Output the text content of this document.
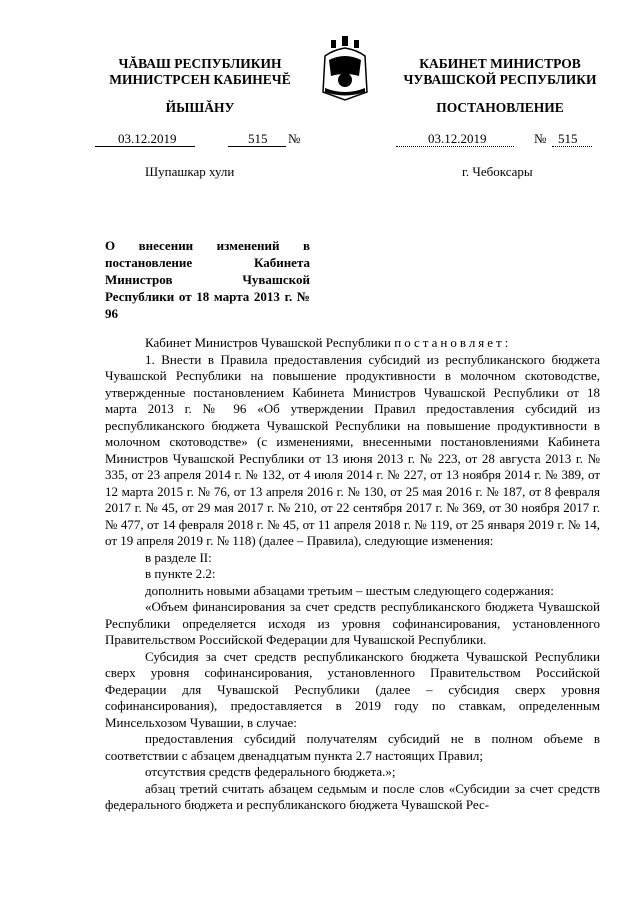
ЧĂВАШ РЕСПУБЛИКИН
МИНИСТРСЕН КАБИНЕЧĔ
КАБИНЕТ МИНИСТРОВ
ЧУВАШСКОЙ РЕСПУБЛИКИ
ЙЫШĂНУ	ПОСТАНОВЛЕНИЕ
03.12.2019	515 №	03.12.2019	№ 515
Шупашкар хули	г. Чебоксары
О внесении изменений в постановление Кабинета Министров Чувашской Республики от 18 марта 2013 г. № 96

Кабинет Министров Чувашской Республики постановляет:

1. Внести в Правила предоставления субсидий из республиканского бюджета Чувашской Республики на повышение продуктивности в молочном скотоводстве, утвержденные постановлением Кабинета Министров Чувашской Республики от 18 марта 2013 г. № 96 «Об утверждении Правил предоставления субсидий из республиканского бюджета Чувашской Республики на повышение продуктивности в молочном скотоводстве» (с изменениями, внесенными постановлениями Кабинета Министров Чувашской Республики от 13 июня 2013 г. № 223, от 28 августа 2013 г. № 335, от 23 апреля 2014 г. № 132, от 4 июля 2014 г. № 227, от 13 ноября 2014 г. № 389, от 12 марта 2015 г. № 76, от 13 апреля 2016 г. № 130, от 25 мая 2016 г. № 187, от 8 февраля 2017 г. № 45, от 29 мая 2017 г. № 210, от 22 сентября 2017 г. № 369, от 30 ноября 2017 г. № 477, от 14 февраля 2018 г. № 45, от 11 апреля 2018 г. № 119, от 25 января 2019 г. № 14, от 19 апреля 2019 г. № 118) (далее – Правила), следующие изменения:

в разделе II:

в пункте 2.2:

дополнить новыми абзацами третьим – шестым следующего содержания:

«Объем финансирования за счет средств республиканского бюджета Чувашской Республики определяется исходя из уровня софинансирования, установленного Правительством Российской Федерации для Чувашской Республики.

Субсидия за счет средств республиканского бюджета Чувашской Республики сверх уровня софинансирования, установленного Правительством Российской Федерации для Чувашской Республики (далее – субсидия сверх уровня софинансирования), предоставляется в 2019 году по ставкам, определенным Минсельхозом Чувашии, в случае:

предоставления субсидий получателям субсидий не в полном объеме в соответствии с абзацем двенадцатым пункта 2.7 настоящих Правил;

отсутствия средств федерального бюджета.»;

абзац третий считать абзацем седьмым и после слов «Субсидии за счет средств федерального бюджета и республиканского бюджета Чувашской Рес-
